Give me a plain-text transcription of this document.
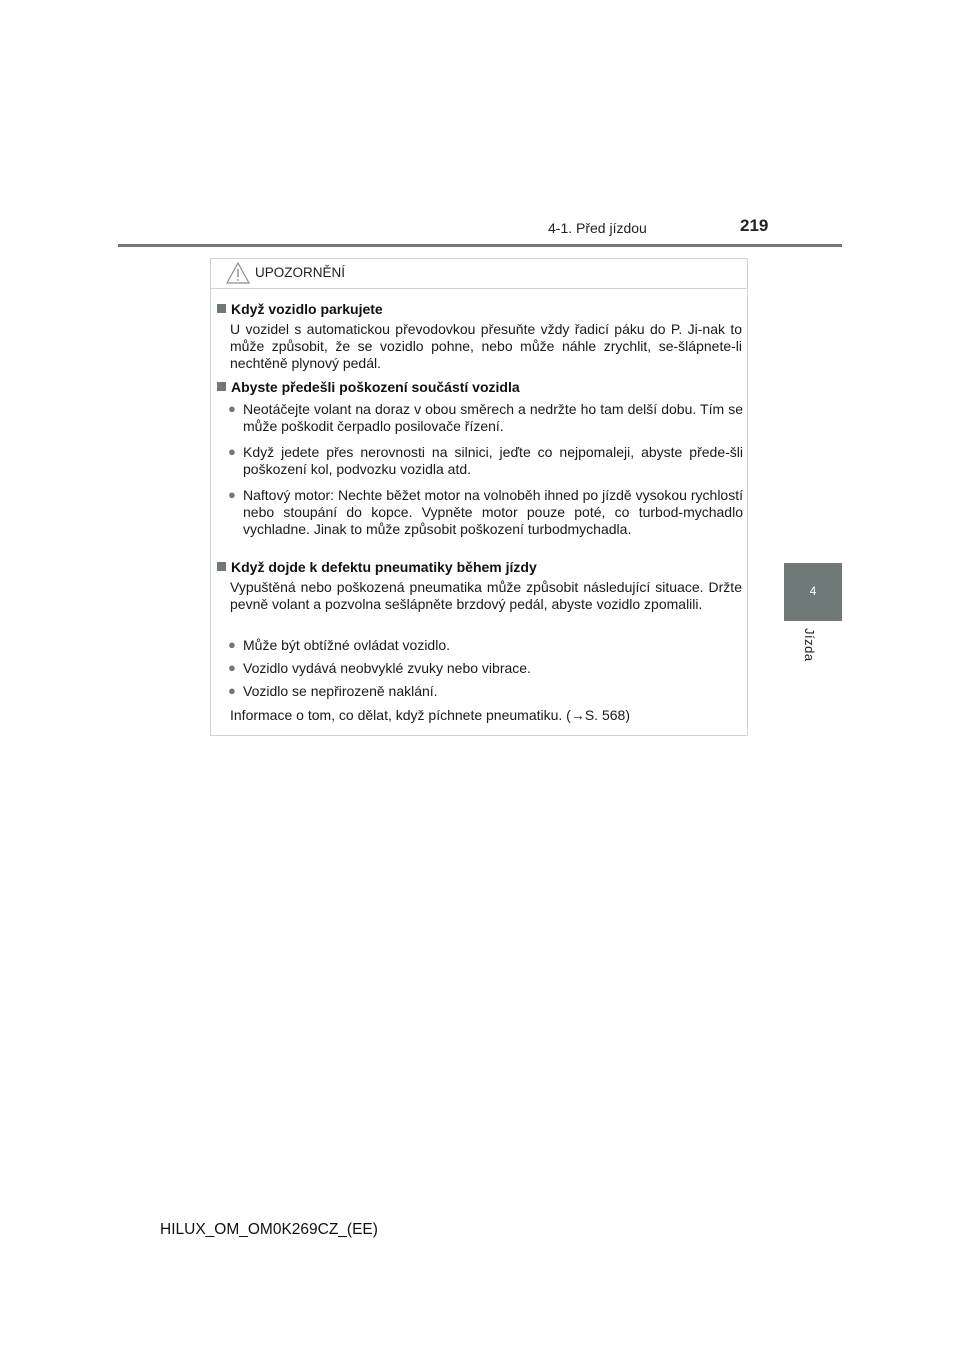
4-1. Před jízdou	219
4
Jízda
UPOZORNĚNÍ
Když vozidlo parkujete
U vozidel s automatickou převodovkou přesuňte vždy řadicí páku do P. Ji-nak to může způsobit, že se vozidlo pohne, nebo může náhle zrychlit, se-šlápnete-li nechtěně plynový pedál.
Abyste předešli poškození součástí vozidla
● Neotáčejte volant na doraz v obou směrech a nedržte ho tam delší dobu. Tím se může poškodit čerpadlo posilovače řízení.
● Když jedete přes nerovnosti na silnici, jeďte co nejpomaleji, abyste přede-šli poškození kol, podvozku vozidla atd.
● Naftový motor: Nechte běžet motor na volnoběh ihned po jízdě vysokou rychlostí nebo stoupání do kopce. Vypněte motor pouze poté, co turbod-mychadlo vychladne. Jinak to může způsobit poškození turbodmychadla.
Když dojde k defektu pneumatiky během jízdy
Vypuštěná nebo poškozená pneumatika může způsobit následující situace. Držte pevně volant a pozvolna sešlápněte brzdový pedál, abyste vozidlo zpomalili.
● Může být obtížné ovládat vozidlo.
● Vozidlo vydává neobvyklé zvuky nebo vibrace.
● Vozidlo se nepřirozeně naklání.
Informace o tom, co dělat, když píchnete pneumatiku. (→S. 568)
HILUX_OM_OM0K269CZ_(EE)
